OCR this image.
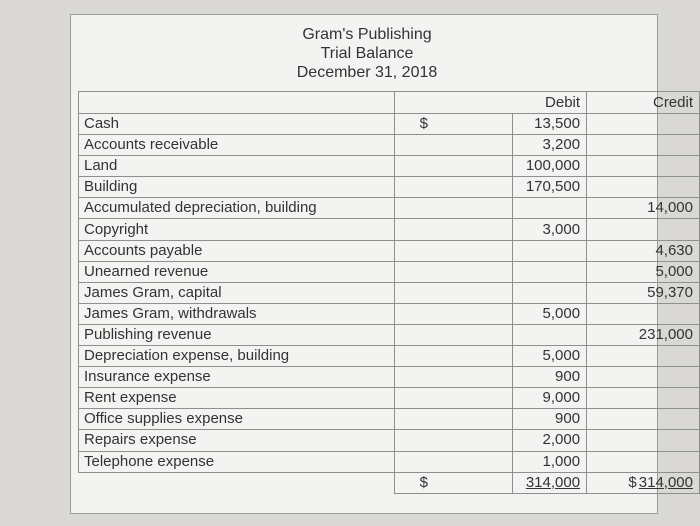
Gram's Publishing
Trial Balance
December 31, 2018
	Debit		Credit
Cash	$	13,500	
Accounts receivable		3,200	
Land		100,000	
Building		170,500	
Accumulated depreciation, building			14,000
Copyright		3,000	
Accounts payable			4,630
Unearned revenue			5,000
James Gram, capital			59,370
James Gram, withdrawals		5,000	
Publishing revenue			231,000
Depreciation expense, building		5,000	
Insurance expense		900	
Rent expense		9,000	
Office supplies expense		900	
Repairs expense		2,000	
Telephone expense		1,000	
	$	314,000	$ 314,000
